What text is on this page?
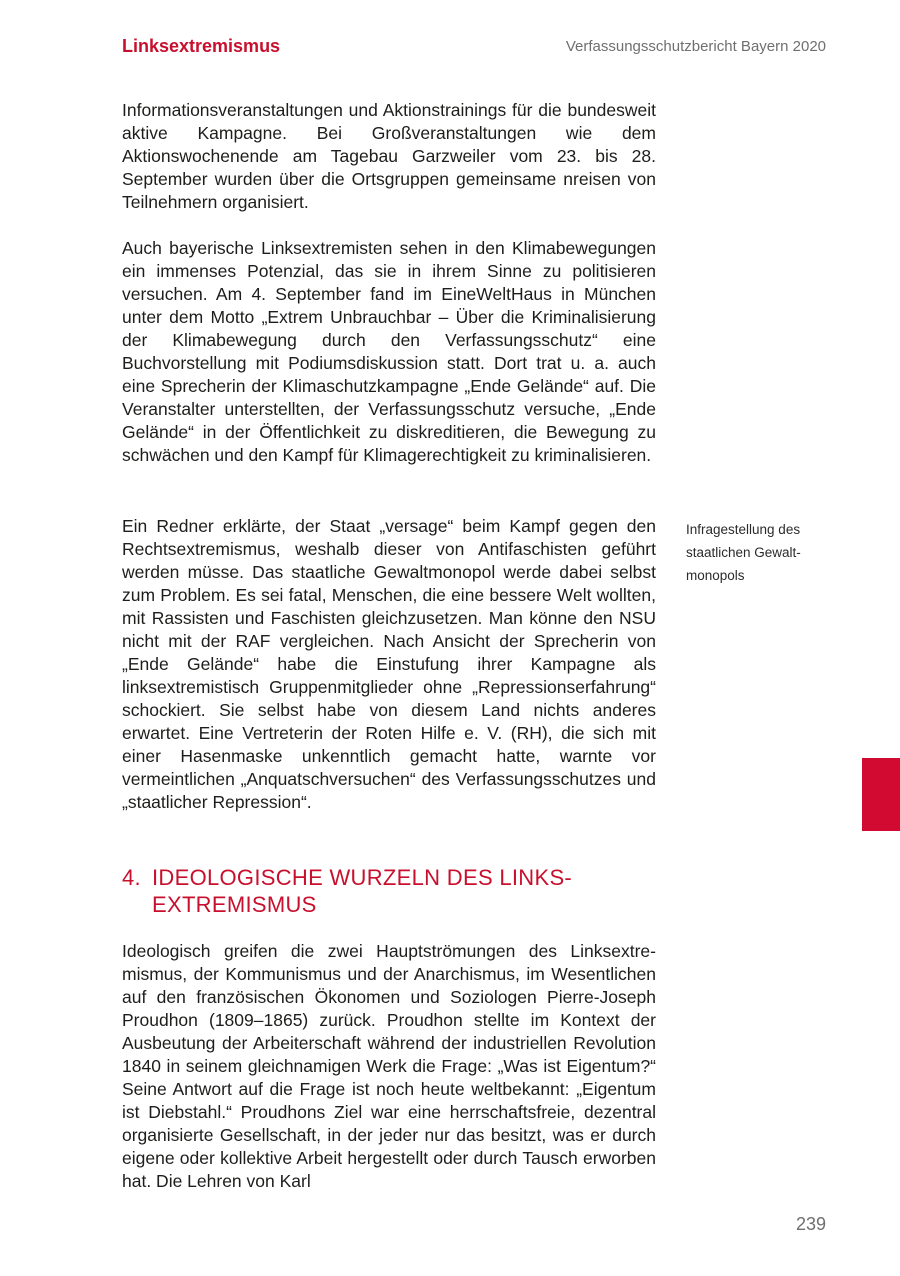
Linksextremismus	Verfassungsschutzbericht Bayern 2020

Informationsveranstaltungen und Aktionstrainings für die bundesweit aktive Kampagne. Bei Großveranstaltungen wie dem Aktionswochenende am Tagebau Garzweiler vom 23. bis 28. September wurden über die Ortsgruppen gemeinsame nreisen von Teilnehmern organisiert.

Auch bayerische Linksextremisten sehen in den Klimabewegungen ein immenses Potenzial, das sie in ihrem Sinne zu politisieren versuchen. Am 4. September fand im EineWeltHaus in München unter dem Motto „Extrem Unbrauchbar – Über die Kriminalisierung der Klimabewegung durch den Verfassungsschutz“ eine Buchvorstellung mit Podiumsdiskussion statt. Dort trat u. a. auch eine Sprecherin der Klimaschutzkampagne „Ende Gelände“ auf. Die Veranstalter unterstellten, der Verfassungsschutz versuche, „Ende Gelände“ in der Öffentlichkeit zu diskreditieren, die Bewegung zu schwächen und den Kampf für Klimagerechtigkeit zu kriminalisieren.

Ein Redner erklärte, der Staat „versage“ beim Kampf gegen den Rechtsextremismus, weshalb dieser von Antifaschisten geführt werden müsse. Das staatliche Gewaltmonopol werde dabei selbst zum Problem. Es sei fatal, Menschen, die eine bessere Welt wollten, mit Rassisten und Faschisten gleichzusetzen. Man könne den NSU nicht mit der RAF vergleichen. Nach Ansicht der Sprecherin von „Ende Gelände“ habe die Einstufung ihrer Kampagne als linksextremistisch Gruppenmitglieder ohne „Repressionserfahrung“ schockiert. Sie selbst habe von diesem Land nichts anderes erwartet. Eine Vertreterin der Roten Hilfe e. V. (RH), die sich mit einer Hasenmaske unkenntlich gemacht hatte, warnte vor vermeintlichen „Anquatschversuchen“ des Verfassungsschutzes und „staatlicher Repression“.

Infragestellung des staatlichen Gewalt-monopols
4. IDEOLOGISCHE WURZELN DES LINKS-EXTREMISMUS

Ideologisch greifen die zwei Hauptströmungen des Linksextremismus, der Kommunismus und der Anarchismus, im Wesentlichen auf den französischen Ökonomen und Soziologen Pierre-Joseph Proudhon (1809–1865) zurück. Proudhon stellte im Kontext der Ausbeutung der Arbeiterschaft während der industriellen Revolution 1840 in seinem gleichnamigen Werk die Frage: „Was ist Eigentum?“ Seine Antwort auf die Frage ist noch heute weltbekannt: „Eigentum ist Diebstahl.“ Proudhons Ziel war eine herrschaftsfreie, dezentral organisierte Gesellschaft, in der jeder nur das besitzt, was er durch eigene oder kollektive Arbeit hergestellt oder durch Tausch erworben hat. Die Lehren von Karl

239
